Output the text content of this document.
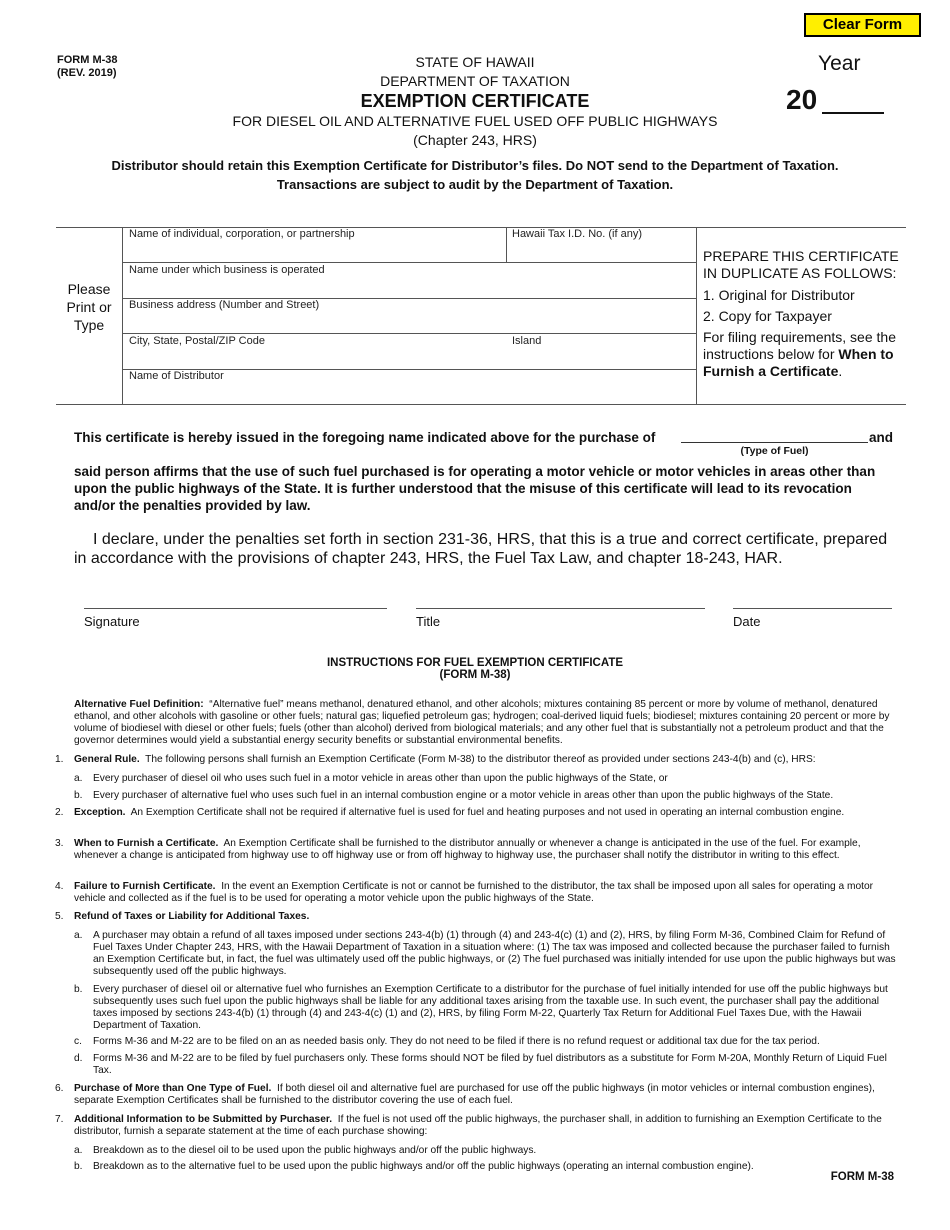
Clear Form
FORM M-38
(REV. 2019)
STATE OF HAWAII
DEPARTMENT OF TAXATION
EXEMPTION CERTIFICATE
FOR DIESEL OIL AND ALTERNATIVE FUEL USED OFF PUBLIC HIGHWAYS
(Chapter 243, HRS)
Year
20
Distributor should retain this Exemption Certificate for Distributor’s files. Do NOT send to the Department of Taxation.
Transactions are subject to audit by the Department of Taxation.
Please
Print or
Type
Name of individual, corporation, or partnership	Hawaii Tax I.D. No. (if any)
Name under which business is operated
Business address (Number and Street)
City, State, Postal/ZIP Code	Island
Name of Distributor

PREPARE THIS CERTIFICATE IN DUPLICATE AS FOLLOWS:

1. Original for Distributor

2. Copy for Taxpayer

For filing requirements, see the instructions below for When to Furnish a Certificate.

This certificate is hereby issued in the foregoing name indicated above for the purchase of	and
(Type of Fuel)
said person affirms that the use of such fuel purchased is for operating a motor vehicle or motor vehicles in areas other than upon the public highways of the State. It is further understood that the misuse of this certificate will lead to its revocation and/or the penalties provided by law.
I declare, under the penalties set forth in section 231-36, HRS, that this is a true and correct certificate, prepared in accordance with the provisions of chapter 243, HRS, the Fuel Tax Law, and chapter 18-243, HAR.
Signature	Title	Date
INSTRUCTIONS FOR FUEL EXEMPTION CERTIFICATE
(FORM M-38)
Alternative Fuel Definition: “Alternative fuel” means methanol, denatured ethanol, and other alcohols; mixtures containing 85 percent or more by volume of methanol, denatured ethanol, and other alcohols with gasoline or other fuels; natural gas; liquefied petroleum gas; hydrogen; coal-derived liquid fuels; biodiesel; mixtures containing 20 percent or more by volume of biodiesel with diesel or other fuels; fuels (other than alcohol) derived from biological materials; and any other fuel that is substantially not a petroleum product and that the governor determines would yield a substantial energy security benefits or substantial environmental benefits.
1. General Rule. The following persons shall furnish an Exemption Certificate (Form M-38) to the distributor thereof as provided under sections 243-4(b) and (c), HRS:
a. Every purchaser of diesel oil who uses such fuel in a motor vehicle in areas other than upon the public highways of the State, or
b. Every purchaser of alternative fuel who uses such fuel in an internal combustion engine or a motor vehicle in areas other than upon the public highways of the State.
2. Exception. An Exemption Certificate shall not be required if alternative fuel is used for fuel and heating purposes and not used in operating an internal combustion engine.
3. When to Furnish a Certificate. An Exemption Certificate shall be furnished to the distributor annually or whenever a change is anticipated in the use of the fuel. For example, whenever a change is anticipated from highway use to off highway use or from off highway to highway use, the purchaser shall notify the distributor in writing to this effect.
4. Failure to Furnish Certificate. In the event an Exemption Certificate is not or cannot be furnished to the distributor, the tax shall be imposed upon all sales for operating a motor vehicle and collected as if the fuel is to be used for operating a motor vehicle upon the public highways of the State.
5. Refund of Taxes or Liability for Additional Taxes.
a. A purchaser may obtain a refund of all taxes imposed under sections 243-4(b) (1) through (4) and 243-4(c) (1) and (2), HRS, by filing Form M-36, Combined Claim for Refund of Fuel Taxes Under Chapter 243, HRS, with the Hawaii Department of Taxation in a situation where: (1) The tax was imposed and collected because the purchaser failed to furnish an Exemption Certificate but, in fact, the fuel was ultimately used off the public highways, or (2) The fuel purchased was initially intended for use upon the public highways but was subsequently used off the public highways.
b. Every purchaser of diesel oil or alternative fuel who furnishes an Exemption Certificate to a distributor for the purchase of fuel initially intended for use off the public highways but subsequently uses such fuel upon the public highways shall be liable for any additional taxes arising from the taxable use. In such event, the purchaser shall pay the additional taxes imposed by sections 243-4(b) (1) through (4) and 243-4(c) (1) and (2), HRS, by filing Form M-22, Quarterly Tax Return for Additional Fuel Taxes Due, with the Hawaii Department of Taxation.
c. Forms M-36 and M-22 are to be filed on an as needed basis only. They do not need to be filed if there is no refund request or additional tax due for the tax period.
d. Forms M-36 and M-22 are to be filed by fuel purchasers only. These forms should NOT be filed by fuel distributors as a substitute for Form M-20A, Monthly Return of Liquid Fuel Tax.
6. Purchase of More than One Type of Fuel. If both diesel oil and alternative fuel are purchased for use off the public highways (in motor vehicles or internal combustion engines), separate Exemption Certificates shall be furnished to the distributor covering the use of each fuel.
7. Additional Information to be Submitted by Purchaser. If the fuel is not used off the public highways, the purchaser shall, in addition to furnishing an Exemption Certificate to the distributor, furnish a separate statement at the time of each purchase showing:
a. Breakdown as to the diesel oil to be used upon the public highways and/or off the public highways.
b. Breakdown as to the alternative fuel to be used upon the public highways and/or off the public highways (operating an internal combustion engine).
FORM M-38
